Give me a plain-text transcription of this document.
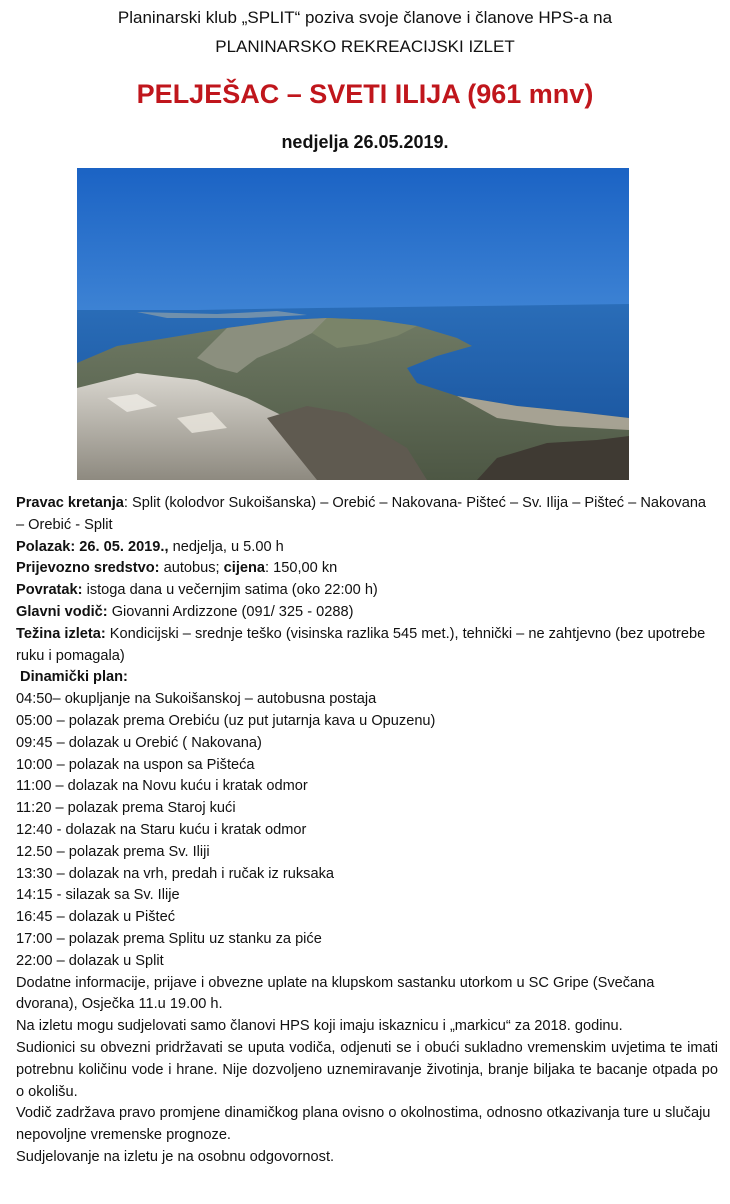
Planinarski klub „SPLIT“ poziva svoje članove i članove HPS-a na
PLANINARSKO REKREACIJSKI IZLET
PELJEŠAC – SVETI ILIJA (961 mnv)
nedjelja 26.05.2019.

Pravac kretanja: Split (kolodvor Sukoišanska) – Orebić – Nakovana- Pišteć – Sv. Ilija – Pišteć – Nakovana – Orebić - Split

Polazak: 26. 05. 2019., nedjelja, u 5.00 h

Prijevozno sredstvo: autobus; cijena: 150,00 kn

Povratak: istoga dana u večernjim satima (oko 22:00 h)

Glavni vodič: Giovanni Ardizzone (091/ 325 - 0288)

Težina izleta: Kondicijski – srednje teško (visinska razlika 545 met.), tehnički – ne zahtjevno (bez upotrebe ruku i pomagala)

Dinamički plan:

04:50– okupljanje na Sukoišanskoj – autobusna postaja
05:00 – polazak prema Orebiću (uz put jutarnja kava u Opuzenu)
09:45 – dolazak u Orebić ( Nakovana)
10:00 – polazak na uspon sa Pišteća
11:00 – dolazak na Novu kuću i kratak odmor
11:20 – polazak prema Staroj kući
12:40 - dolazak na Staru kuću i kratak odmor
12.50 – polazak prema Sv. Iliji
13:30 – dolazak na vrh, predah i ručak iz ruksaka
14:15 - silazak sa Sv. Ilije
16:45 – dolazak u Pišteć
17:00 – polazak prema Splitu uz stanku za piće
22:00 – dolazak u Split

Dodatne informacije, prijave i obvezne uplate na klupskom sastanku utorkom u SC Gripe (Svečana dvorana), Osječka 11.u 19.00 h.

Na izletu mogu sudjelovati samo članovi HPS koji imaju iskaznicu i „markicu“ za 2018. godinu.

Sudionici su obvezni pridržavati se uputa vodiča, odjenuti se i obući sukladno vremenskim uvjetima te imati potrebnu količinu vode i hrane. Nije dozvoljeno uznemiravanje životinja, branje biljaka te bacanje otpada po o okolišu.

Vodič zadržava pravo promjene dinamičkog plana ovisno o okolnostima, odnosno otkazivanja ture u slučaju nepovoljne vremenske prognoze.

Sudjelovanje na izletu je na osobnu odgovornost.
